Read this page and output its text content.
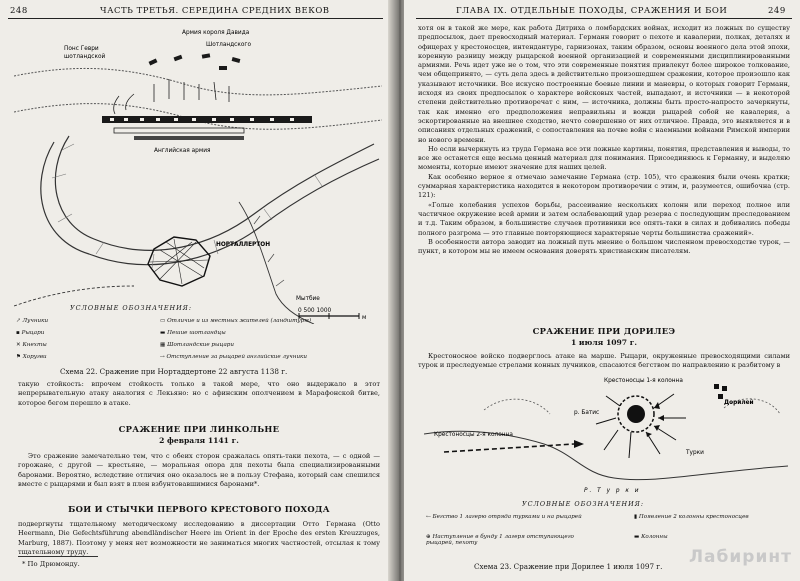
248	ЧАСТЬ ТРЕТЬЯ. СЕРЕДИНА СРЕДНИХ ВЕКОВ
Армия короля Давида
Шотландского
Понс Геври
шотландской
Английская армия
НОРТАЛЛЕРТОН
Мытбие
0 500 1000
м
УСЛОВНЫЕ ОБОЗНАЧЕНИЯ:
↗ Лучники
▪ Рыцари
✕ Кнехты
⚑ Хоругви
▭ Отличие и из местных жителей (ландштурм)
▬ Пешие шотландцы
▦ Шотландские рыцари
⇢ Отступление за рыцарей английские лучники
Схема 22. Сражение при Нортаддертоне 22 августа 1138 г.

такую стойкость: впрочем стойкость только в такой мере, что оно выдержало в этот непрерывательную атаку аналогия с Лекьяно: но с афинским ополчением в Марафонской битве, которое бегом перешло в атаке.

СРАЖЕНИЕ ПРИ ЛИНКОЛЬНЕ
2 февраля 1141 г.

Это сражение замечательно тем, что с обеих сторон сражалась опять-таки пехота, — с одной — горожане, с другой — крестьяне, — моральная опора для пехоты была специализированными баронами. Вероятно, вследствие отличия оно оказалось не в пользу Стефана, который сам спешился вместе с рыцарями и был взят в плен взбунтовавшимися баронами*.

БОИ И СТЫЧКИ ПЕРВОГО КРЕСТОВОГО ПОХОДА

подвергнуты тщательному методическому исследованию в диссертации Отто Германа (Otto Heermann, Die Gefechtsführung abendländischer Heere im Orient in der Epoche des ersten Kreuzzuges, Marburg, 1887). Поэтому у меня нет возможности не заниматься многих частностей, отсылая к тому тщательному труду.

* По Дрюмонду.
ГЛАВА IX. ОТДЕЛЬНЫЕ ПОХОДЫ, СРАЖЕНИЯ И БОИ	249

хотя он в такой же мере, как работа Дитриха о ломбардских войнах, исходит из ложных по существу предпосылок, дает превосходный материал. Германн говорит о пехоте и кавалерии, полках, деталях и офицерах у крестоносцев, интендантуре, гарнизонах, таким образом, основы военного дела этой эпохи, коренную разницу между рыцарской военной организацией и современными дисциплинированными армиями. Речь идет уже не о том, что эти современные понятия привлекут более широкое толкование, чем общепринято, — суть дела здесь в действительно произошедшем сражении, которое произошло как указывают источники. Все искусно построенные боевые линии и маневры, о которых говорит Германн, исходя из своих предпосылок о характере войсковых частей, выпадают, и источники — в некоторой степени действительно противоречат с ним, — источника, должны быть просто-напросто зачеркнуты, так как именно его предположения неправильны и вожди рыцарей собой не кавалерия, а эскортированные на внешнее сходство, нечто совершенно от них отличное. Правда, это выявляется и в описаниях отдельных сражений, с сопоставления на почве войн с наемными войнами Римской империи но нового времени.

Но если вычеркнуть из труда Германа все эти ложные картины, понятия, представления и выводы, то все же останется еще весьма ценный материал для понимания. Присоединяюсь к Германну, и выделяю моменты, которые имеют значение для наших целей.

Как особенно верное я отмечаю замечание Германа (стр. 105), что сражения были очень кратки; суммарная характеристика находится в некотором противоречии с этим, и, разумеется, ошибочна (стр. 121):

«Голые колебания успехов борьбы, рассеивание нескольких колонн или переход полное или частичное окружение всей армии и затем ослабевающий удар резерва с последующим преследованием и т.д. Таким образом, в большинстве случаев противники все опять-таки в силах и добивались победы полного разгрома — это главные повторяющиеся характерные черты большинства сражений».

В особенности автора заводит на ложный путь мнение о большом численном превосходстве турок, — пункт, в котором мы не имеем основания доверять христианским писателям.

СРАЖЕНИЕ ПРИ ДОРИЛЕЭ
1 июля 1097 г.

Крестоносное войско подверглось атаке на марше. Рыцари, окруженные превосходящими силами турок и преследуемые стрелами конных лучников, спасаются бегством по направлению к разбитому в

Крестоносцы 1-я колонна
Крестоносцы 2-я колонна
Дорилей
р. Батис
Турки
Р. Т у р к и
УСЛОВНЫЕ ОБОЗНАЧЕНИЯ:
⇠ Бегство 1 лагерю отряда турками и на рыцарей	▮ Появление 2 колонны крестоносцев
⊕ Наступление в бунду 1 лагеря отступающего рыцарей, пехоту
▬ Колонны
Схема 23. Сражение при Дорилее 1 июля 1097 г. Лабиринт
